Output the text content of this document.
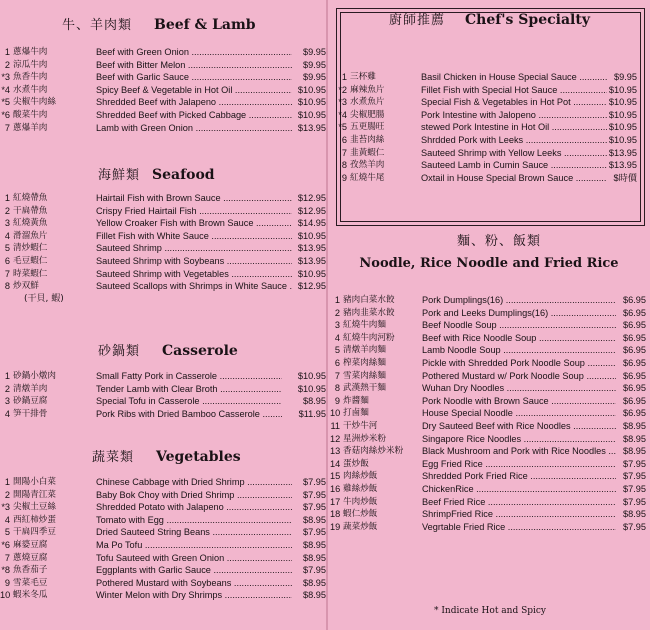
牛、羊肉類 Beef & Lamb
1 蔥爆牛肉	Beef with Green Onion .....	$9.95
2 涼瓜牛肉	Beef with Bitter Melon .....	$9.95
*3 魚香牛肉	Beef with Garlic Sauce .....	$9.95
*4 水煮牛肉	Spicy Beef & Vegetable in Hot Oil .....	$10.95
*5 尖椒牛肉絲	Shredded Beef with Jalapeno .....	$10.95
*6 酸菜牛肉	Shredded Beef with Picked Cabbage .....	$10.95
7 蔥爆羊肉	Lamb with Green Onion .....	$13.95
海鮮類 Seafood
1 紅燒帶魚	Hairtail Fish with Brown Sauce .....	$12.95
2 干扁帶魚	Crispy Fried Hairtail Fish .....	$12.95
3 紅燒黃魚	Yellow Croaker Fish with Brown Sauce .....	$14.95
4 滑溜魚片	Fillet Fish with White Sauce .....	$10.95
5 清炒蝦仁	Sauteed Shrimp .....	$13.95
6 毛豆蝦仁	Sauteed Shrimp with Soybeans .....	$13.95
7 時菜蝦仁	Sauteed Shrimp with Vegetables .....	$10.95
8 炒双鮮	Sauteed Scallops with Shrimps in White Sauce .....	$12.95
(干貝, 蝦)
砂鍋類 Casserole
1 砂鍋小燉肉	Small Fatty Pork in Casserole .....	$10.95
2 清燉羊肉	Tender Lamb with Clear Broth .....	$10.95
3 砂鍋豆腐	Special Tofu in Casserole .....	$8.95
4 笋干排骨	Pork Ribs with Dried Bamboo Casserole .....	$11.95
蔬菜類 Vegetables
1 開陽小白菜	Chinese Cabbage with Dried Shrimp .....	$7.95
2 開陽青江菜	Baby Bok Choy with Dried Shrimp .....	$7.95
*3 尖椒土豆絲	Shredded Potato with Jalapeno .....	$7.95
4 西紅柿炒蛋	Tomato with Egg .....	$8.95
5 干扁四季豆	Dried Sauteed String Beans .....	$7.95
*6 麻婆豆腐	Ma Po Tofu .....	$8.95
7 蔥燒豆腐	Tofu Sauteed with Green Onion .....	$8.95
*8 魚香茄子	Eggplants with Garlic Sauce .....	$7.95
9 雪菜毛豆	Pothered Mustard with Soybeans .....	$8.95
10 蝦米冬瓜	Winter Melon with Dry Shrimps .....	$8.95
廚師推薦 Chef's Specialty
1 三杯雞	Basil Chicken in House Special Sauce .....	$9.95
*2 麻辣魚片	Fillet Fish with Special Hot Sauce .....	$10.95
*3 水煮魚片	Special Fish & Vegetables in Hot Pot .....	$10.95
*4 尖椒肥腸	Pork Intestine with Jalopeno .....	$10.95
*5 五更腸旺	stewed Pork Intestine in Hot Oil .....	$10.95
6 韭苔肉絲	Shrdded Pork with Leeks .....	$10.95
7 韭黃蝦仁	Sauteed Shrimp with Yellow Leeks .....	$13.95
8 孜然羊肉	Sauteed Lamb in Cumin Sauce .....	$13.95
9 紅燒牛尾	Oxtail in House Special Brown Sauce .....	$時價
麵、粉、飯類
Noodle, Rice Noodle and Fried Rice
1 豬肉白菜水餃	Pork Dumplings(16) .....	$6.95
2 豬肉韭菜水餃	Pork and Leeks Dumplings(16) .....	$6.95
3 紅燒牛肉麵	Beef Noodle Soup .....	$6.95
4 紅燒牛肉河粉	Beef with Rice Noodle Soup .....	$6.95
5 清燉羊肉麵	Lamb Noodle Soup .....	$6.95
6 榨菜肉絲麵	Pickle with Shredded Pork Noodle Soup .....	$6.95
7 雪菜肉絲麵	Pothered Mustard w/ Pork Noodle Soup .....	$6.95
8 武漢熱干麵	Wuhan Dry Noodles .....	$6.95
9 炸醬麵	Pork Noodle with Brown Sauce .....	$6.95
10 打鹵麵	House Special Noodle .....	$6.95
11 干炒牛河	Dry Sauteed Beef with Rice Noodles .....	$8.95
12 星洲炒米粉	Singapore Rice Noodles .....	$8.95
13 香菇肉絲炒米粉 Black Mushroom and Pork with Rice Noodles .....	$8.95
14 蛋炒飯	Egg Fried Rice .....	$7.95
15 肉絲炒飯	Shredded Pork Fried Rice .....	$7.95
16 雞絲炒飯	ChickenRice .....	$7.95
17 牛肉炒飯	Beef Fried Rice .....	$7.95
18 蝦仁炒飯	ShrimpFried Rice .....	$8.95
19 蔬菜炒飯	Vegrtable Fried Rice .....	$7.95
* Indicate Hot and Spicy
